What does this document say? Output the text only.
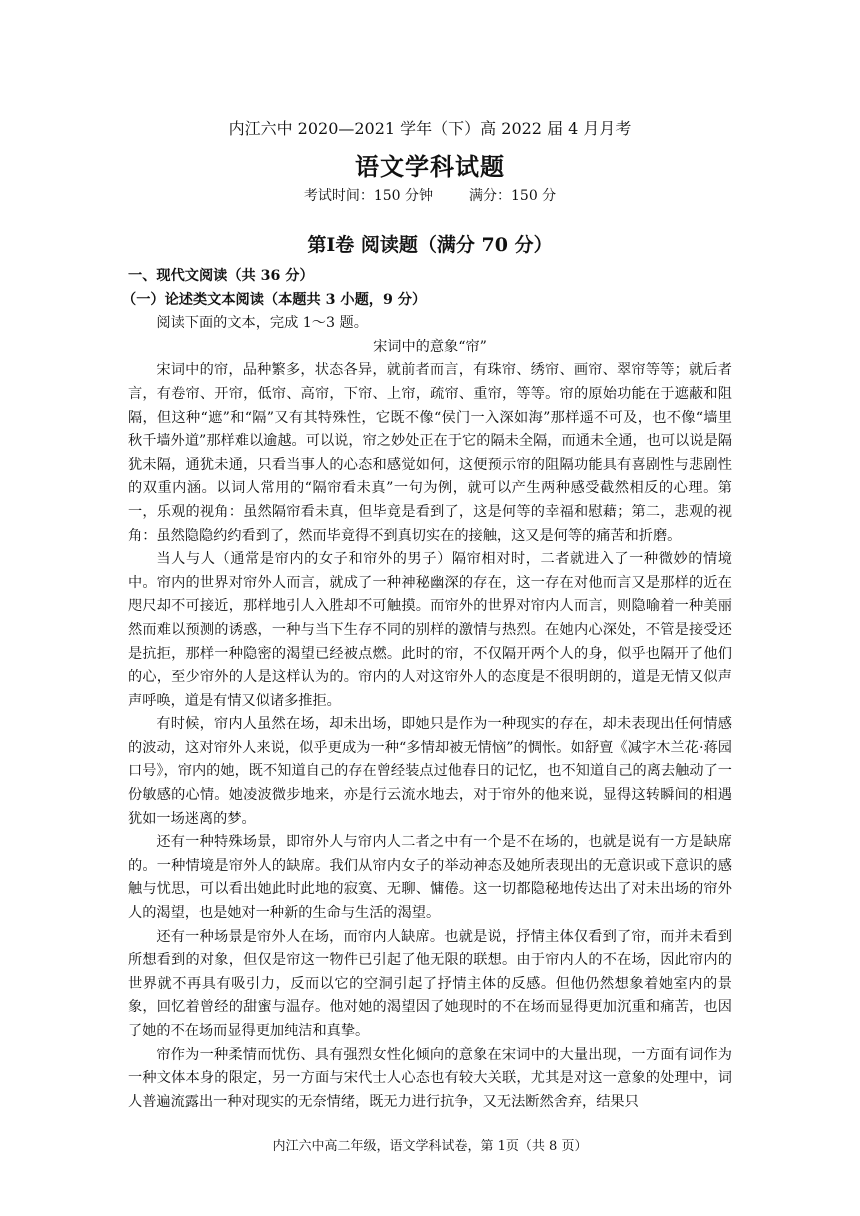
内江六中 2020—2021 学年（下）高 2022 届 4 月月考
语文学科试题
考试时间：150 分钟	满分：150 分
第Ⅰ卷 阅读题（满分 70 分）

一、现代文阅读（共 36 分）

（一）论述类文本阅读（本题共 3 小题，9 分）

阅读下面的文本，完成 1～3 题。

宋词中的意象“帘”

宋词中的帘，品种繁多，状态各异，就前者而言，有珠帘、绣帘、画帘、翠帘等等；就后者言，有卷帘、开帘，低帘、高帘，下帘、上帘，疏帘、重帘，等等。帘的原始功能在于遮蔽和阻隔，但这种“遮”和“隔”又有其特殊性，它既不像“侯门一入深如海”那样遥不可及，也不像“墙里秋千墙外道”那样难以逾越。可以说，帘之妙处正在于它的隔未全隔，而通未全通，也可以说是隔犹未隔，通犹未通，只看当事人的心态和感觉如何，这便预示帘的阻隔功能具有喜剧性与悲剧性的双重内涵。以词人常用的“隔帘看未真”一句为例，就可以产生两种感受截然相反的心理。第一，乐观的视角：虽然隔帘看未真，但毕竟是看到了，这是何等的幸福和慰藉；第二，悲观的视角：虽然隐隐约约看到了，然而毕竟得不到真切实在的接触，这又是何等的痛苦和折磨。

当人与人（通常是帘内的女子和帘外的男子）隔帘相对时，二者就进入了一种微妙的情境中。帘内的世界对帘外人而言，就成了一种神秘幽深的存在，这一存在对他而言又是那样的近在咫尺却不可接近，那样地引人入胜却不可触摸。而帘外的世界对帘内人而言，则隐喻着一种美丽然而难以预测的诱惑，一种与当下生存不同的别样的激情与热烈。在她内心深处，不管是接受还是抗拒，那样一种隐密的渴望已经被点燃。此时的帘，不仅隔开两个人的身，似乎也隔开了他们的心，至少帘外的人是这样认为的。帘内的人对这帘外人的态度是不很明朗的，道是无情又似声声呼唤，道是有情又似诸多推拒。

有时候，帘内人虽然在场，却未出场，即她只是作为一种现实的存在，却未表现出任何情感的波动，这对帘外人来说，似乎更成为一种“多情却被无情恼”的惆怅。如舒亶《减字木兰花·蒋园口号》，帘内的她，既不知道自己的存在曾经装点过他春日的记忆，也不知道自己的离去触动了一份敏感的心情。她凌波微步地来，亦是行云流水地去，对于帘外的他来说，显得这转瞬间的相遇犹如一场迷离的梦。

还有一种特殊场景，即帘外人与帘内人二者之中有一个是不在场的，也就是说有一方是缺席的。一种情境是帘外人的缺席。我们从帘内女子的举动神态及她所表现出的无意识或下意识的感触与忧思，可以看出她此时此地的寂寞、无聊、慵倦。这一切都隐秘地传达出了对未出场的帘外人的渴望，也是她对一种新的生命与生活的渴望。

还有一种场景是帘外人在场，而帘内人缺席。也就是说，抒情主体仅看到了帘，而并未看到所想看到的对象，但仅是帘这一物件已引起了他无限的联想。由于帘内人的不在场，因此帘内的世界就不再具有吸引力，反而以它的空洞引起了抒情主体的反感。但他仍然想象着她室内的景象，回忆着曾经的甜蜜与温存。他对她的渴望因了她现时的不在场而显得更加沉重和痛苦，也因了她的不在场而显得更加纯洁和真挚。

帘作为一种柔情而忧伤、具有强烈女性化倾向的意象在宋词中的大量出现，一方面有词作为一种文体本身的限定，另一方面与宋代士人心态也有较大关联，尤其是对这一意象的处理中，词人普遍流露出一种对现实的无奈情绪，既无力进行抗争，又无法断然舍弃，结果只

内江六中高二年级，语文学科试卷，第 1页（共 8 页）
